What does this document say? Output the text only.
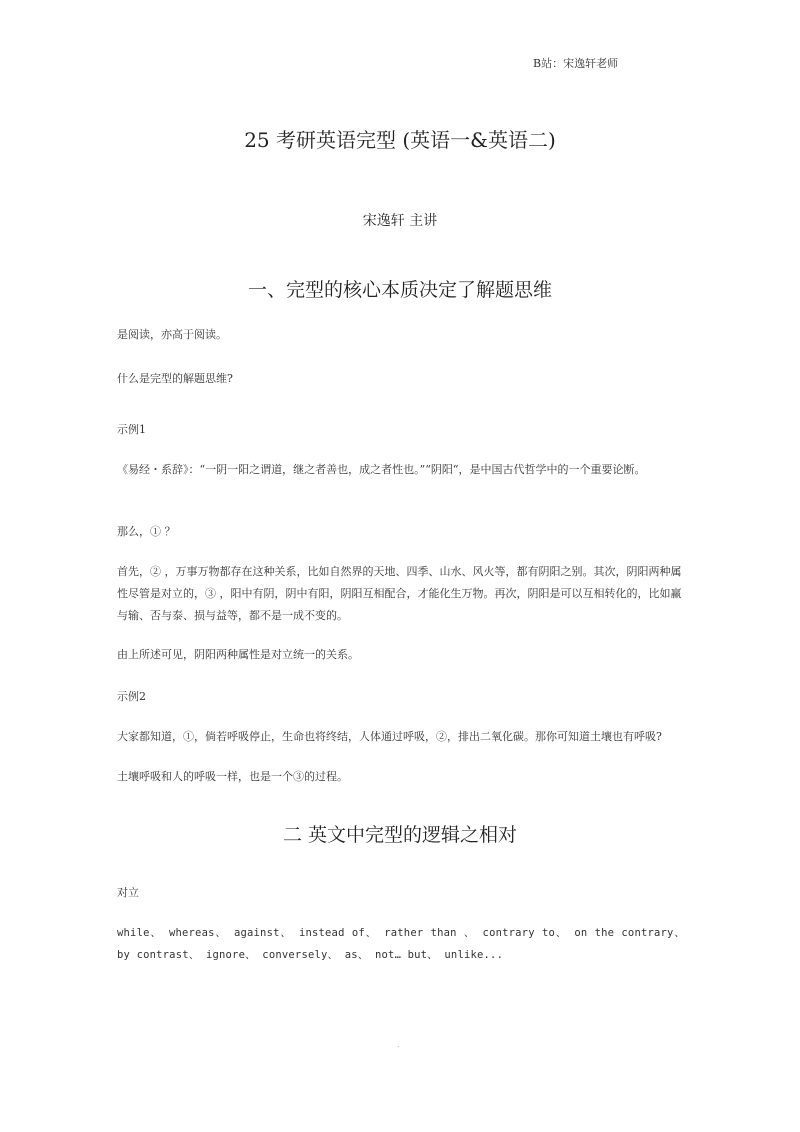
B站：宋逸轩老师
25 考研英语完型 (英语一&英语二)
宋逸轩 主讲
一、完型的核心本质决定了解题思维
是阅读，亦高于阅读。
什么是完型的解题思维?
示例1
《易经・系辞》：“一阴一阳之谓道，继之者善也，成之者性也。”“阴阳“，是中国古代哲学中的一个重要论断。
那么，① ？
首先，② ，万事万物都存在这种关系，比如自然界的天地、四季、山水、风火等，都有阴阳之别。其次，阴阳两种属性尽管是对立的，③ ，阳中有阴，阴中有阳，阴阳互相配合，才能化生万物。再次，阴阳是可以互相转化的，比如赢与输、否与泰、损与益等，都不是一成不变的。
由上所述可见，阴阳两种属性是对立统一的关系。
示例2
大家都知道，①，倘若呼吸停止，生命也将终结，人体通过呼吸，②，排出二氧化碳。那你可知道土壤也有呼吸?
土壤呼吸和人的呼吸一样，也是一个③的过程。
二 英文中完型的逻辑之相对
对立
while、 whereas、 against、 instead of、 rather than 、 contrary to、 on the contrary、 by contrast、 ignore、 conversely、 as、 not… but、 unlike...
.
